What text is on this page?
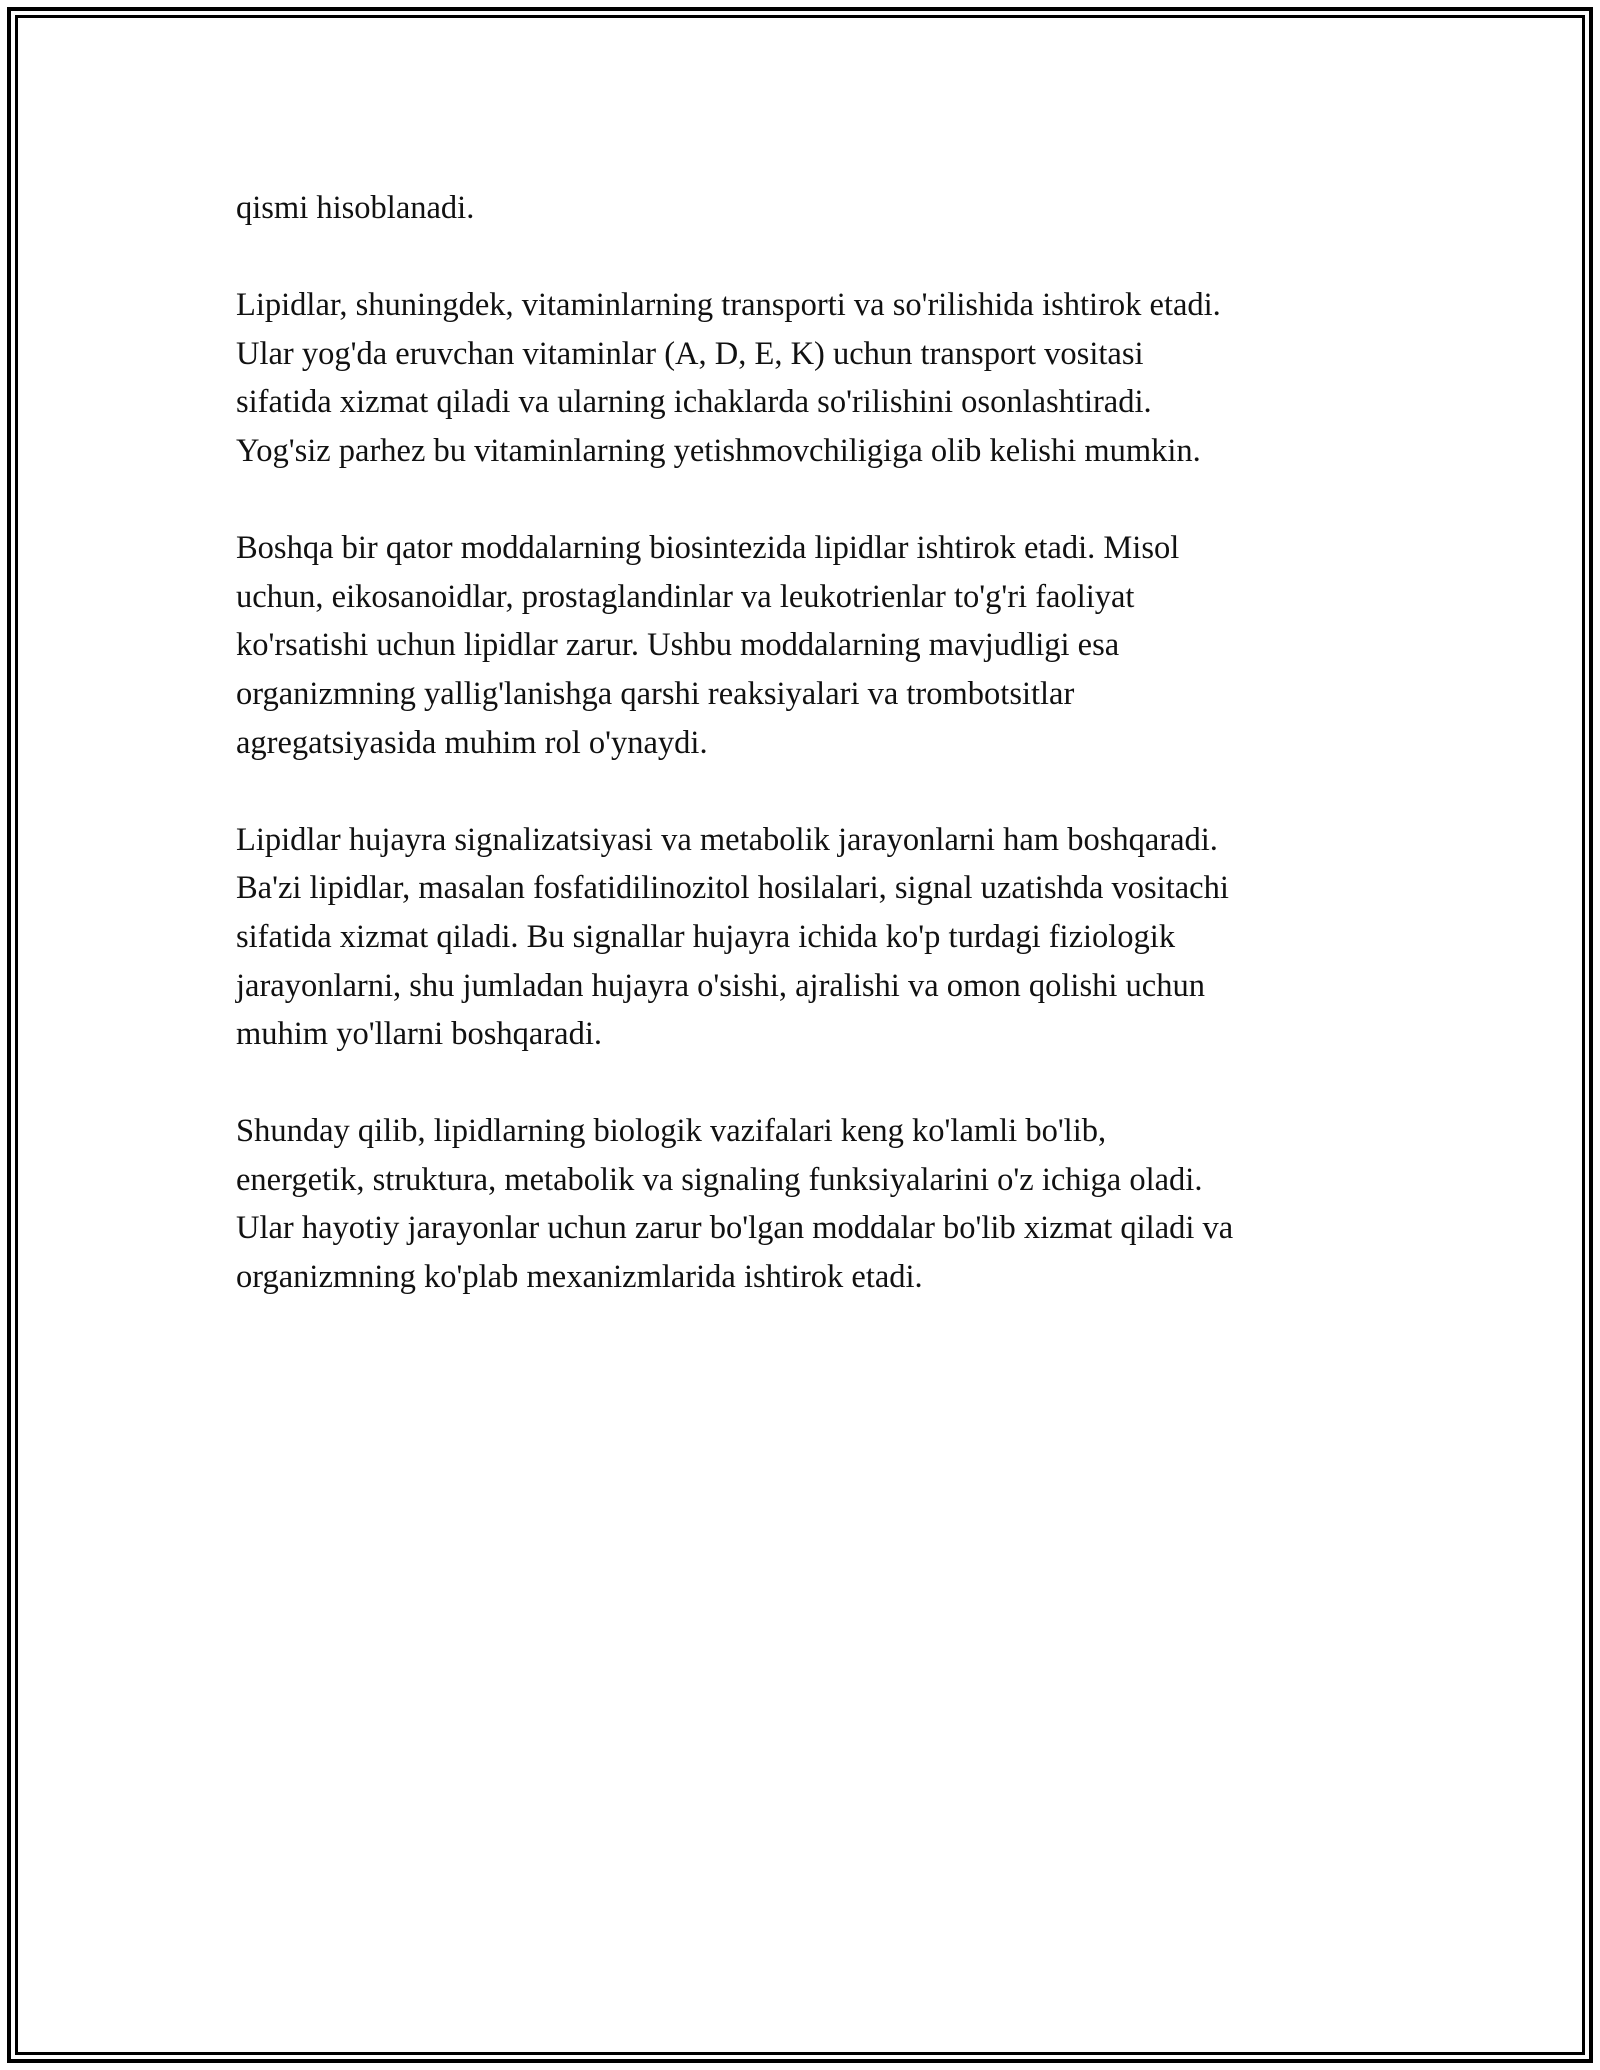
qismi hisoblanadi.
Lipidlar, shuningdek, vitaminlarning transporti va so'rilishida ishtirok etadi.
Ular yog'da eruvchan vitaminlar (A, D, E, K) uchun transport vositasi
sifatida xizmat qiladi va ularning ichaklarda so'rilishini osonlashtiradi.
Yog'siz parhez bu vitaminlarning yetishmovchiligiga olib kelishi mumkin.
Boshqa bir qator moddalarning biosintezida lipidlar ishtirok etadi. Misol
uchun, eikosanoidlar, prostaglandinlar va leukotrienlar to'g'ri faoliyat
ko'rsatishi uchun lipidlar zarur. Ushbu moddalarning mavjudligi esa
organizmning yallig'lanishga qarshi reaksiyalari va trombotsitlar
agregatsiyasida muhim rol o'ynaydi.
Lipidlar hujayra signalizatsiyasi va metabolik jarayonlarni ham boshqaradi.
Ba'zi lipidlar, masalan fosfatidilinozitol hosilalari, signal uzatishda vositachi
sifatida xizmat qiladi. Bu signallar hujayra ichida ko'p turdagi fiziologik
jarayonlarni, shu jumladan hujayra o'sishi, ajralishi va omon qolishi uchun
muhim yo'llarni boshqaradi.
Shunday qilib, lipidlarning biologik vazifalari keng ko'lamli bo'lib,
energetik, struktura, metabolik va signaling funksiyalarini o'z ichiga oladi.
Ular hayotiy jarayonlar uchun zarur bo'lgan moddalar bo'lib xizmat qiladi va
organizmning ko'plab mexanizmlarida ishtirok etadi.
